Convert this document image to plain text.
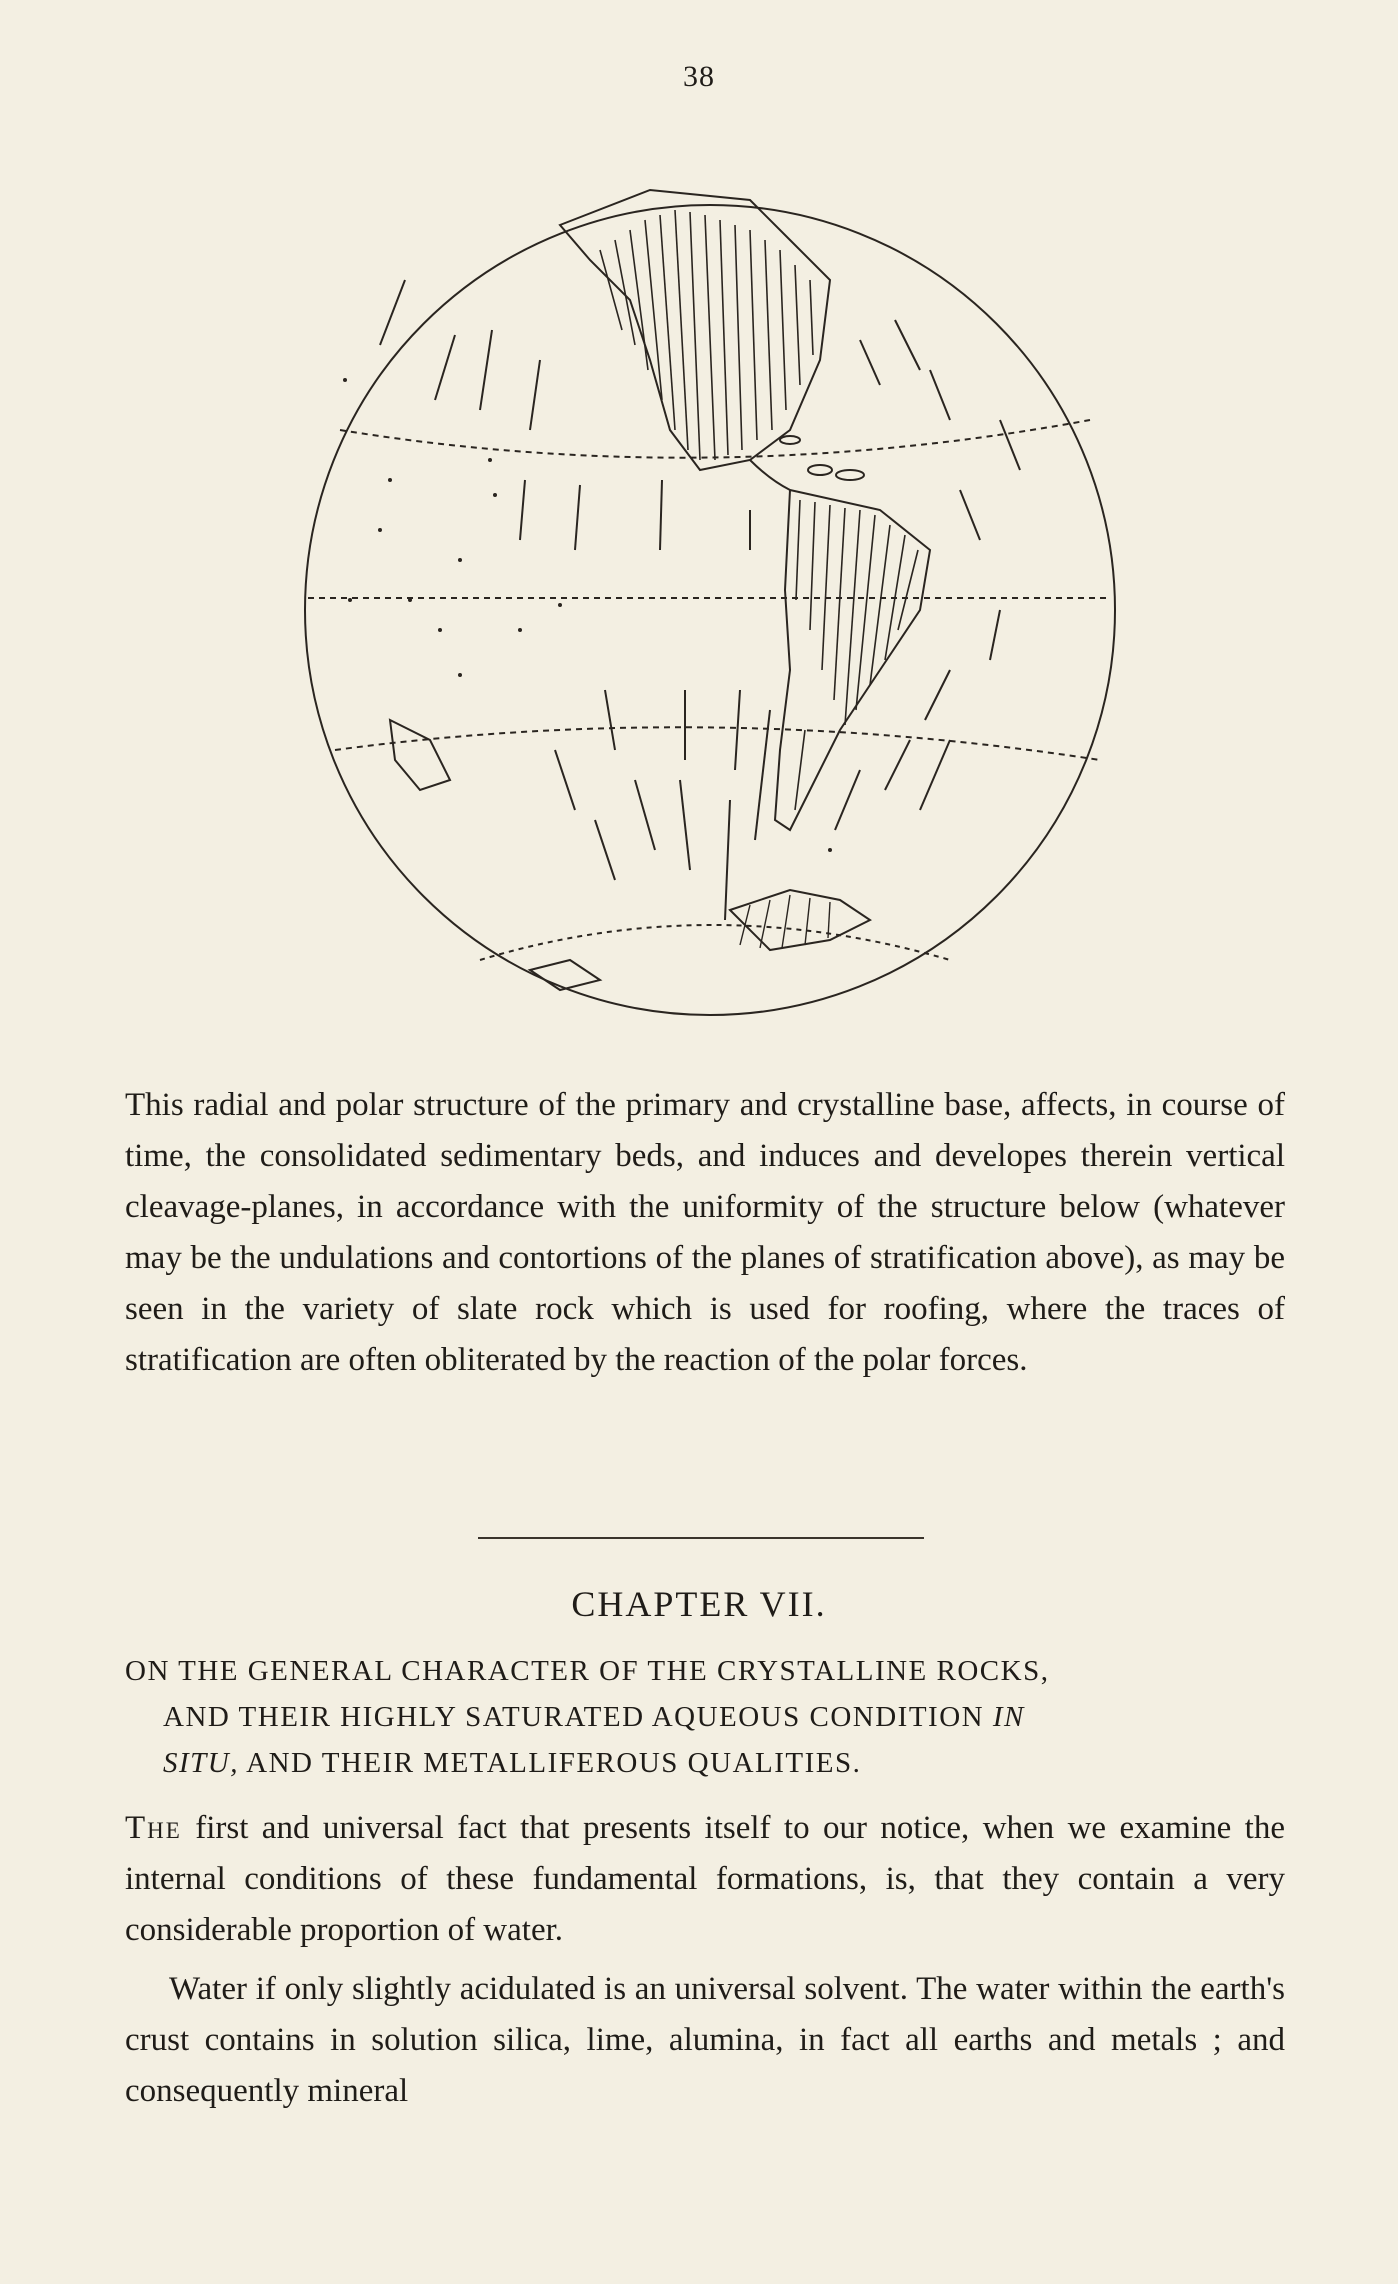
38

This radial and polar structure of the primary and crystalline base, affects, in course of time, the consolidated sedimentary beds, and induces and developes therein vertical cleavage-planes, in accordance with the uniformity of the structure below (whatever may be the undulations and contortions of the planes of stratification above), as may be seen in the variety of slate rock which is used for roofing, where the traces of stratification are often obliterated by the reaction of the polar forces.

CHAPTER VII.
ON THE GENERAL CHARACTER OF THE CRYSTALLINE ROCKS,
AND THEIR HIGHLY SATURATED AQUEOUS CONDITION IN
SITU, AND THEIR METALLIFEROUS QUALITIES.

The first and universal fact that presents itself to our notice, when we examine the internal conditions of these fundamental formations, is, that they contain a very considerable proportion of water.

Water if only slightly acidulated is an universal solvent. The water within the earth's crust contains in solution silica, lime, alumina, in fact all earths and metals ; and consequently mineral
